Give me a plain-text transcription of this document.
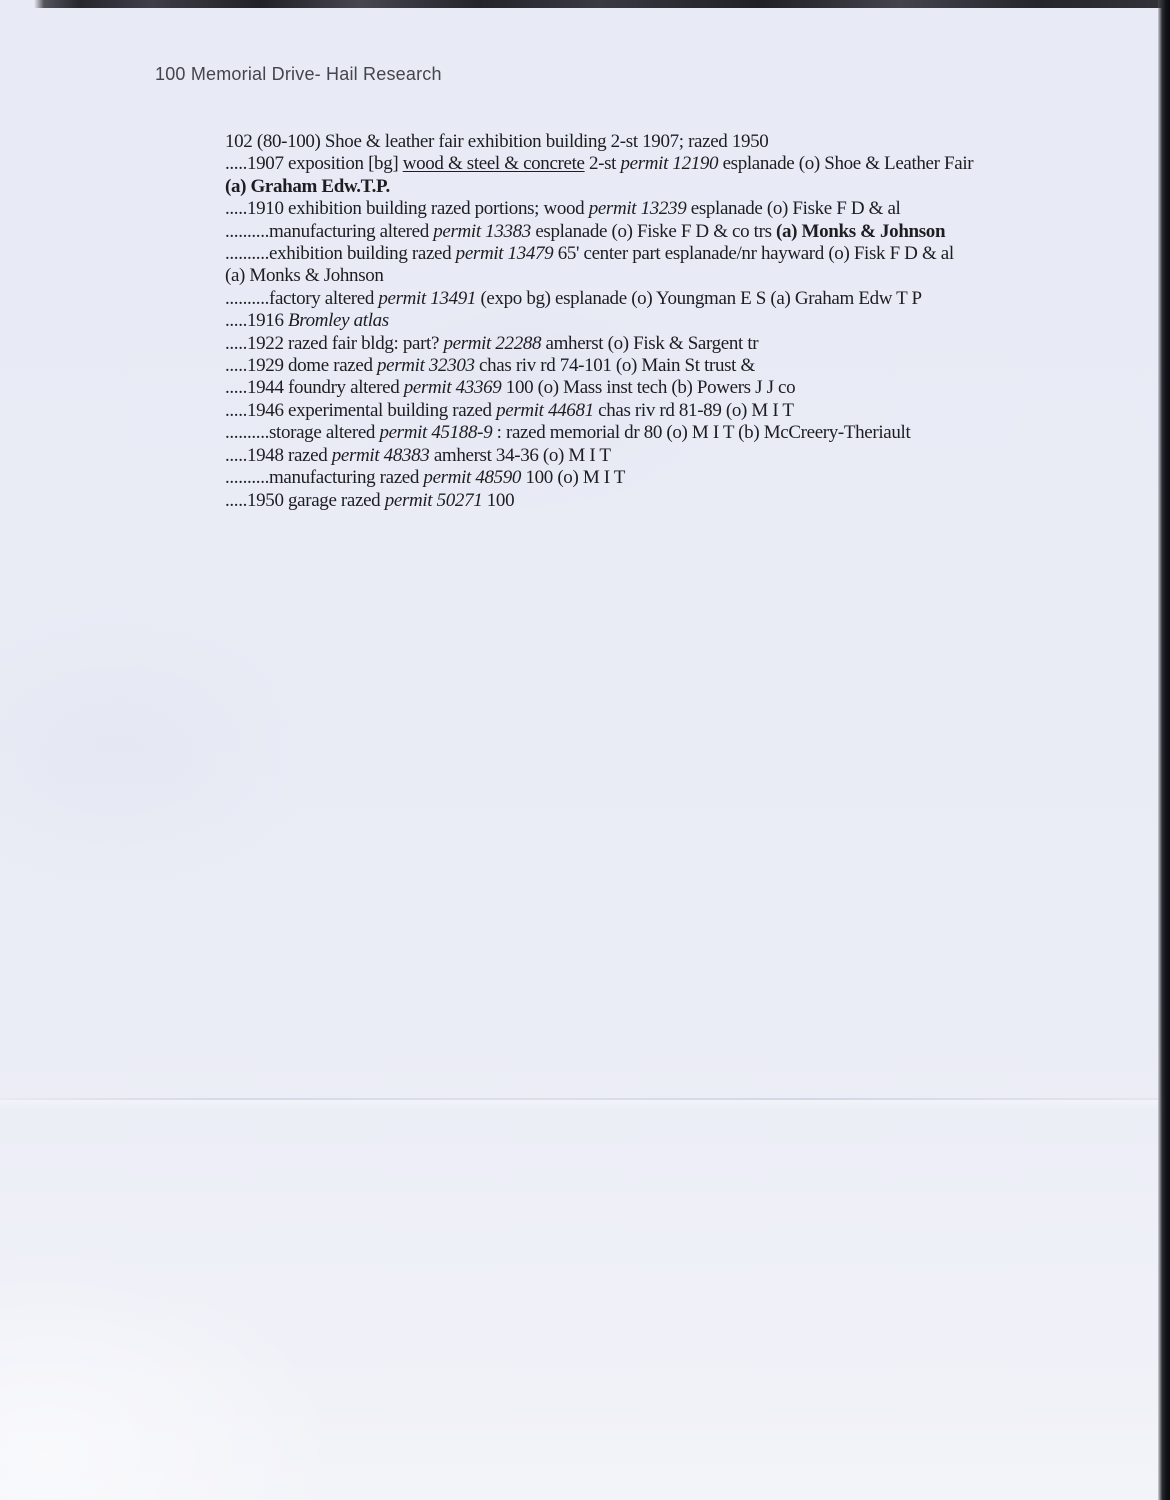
100 Memorial Drive- Hail Research
102 (80-100) Shoe & leather fair exhibition building 2-st 1907; razed 1950
.....1907 exposition [bg] wood & steel & concrete 2-st permit 12190 esplanade (o) Shoe & Leather Fair
(a) Graham Edw.T.P.
.....1910 exhibition building razed portions; wood permit 13239 esplanade (o) Fiske F D & al
..........manufacturing altered permit 13383 esplanade (o) Fiske F D & co trs (a) Monks & Johnson
..........exhibition building razed permit 13479 65' center part esplanade/nr hayward (o) Fisk F D & al
(a) Monks & Johnson
..........factory altered permit 13491 (expo bg) esplanade (o) Youngman E S (a) Graham Edw T P
.....1916 Bromley atlas
.....1922 razed fair bldg: part? permit 22288 amherst (o) Fisk & Sargent tr
.....1929 dome razed permit 32303 chas riv rd 74-101 (o) Main St trust &
.....1944 foundry altered permit 43369 100 (o) Mass inst tech (b) Powers J J co
.....1946 experimental building razed permit 44681 chas riv rd 81-89 (o) M I T
..........storage altered permit 45188-9 : razed memorial dr 80 (o) M I T (b) McCreery-Theriault
.....1948 razed permit 48383 amherst 34-36 (o) M I T
..........manufacturing razed permit 48590 100 (o) M I T
.....1950 garage razed permit 50271 100
